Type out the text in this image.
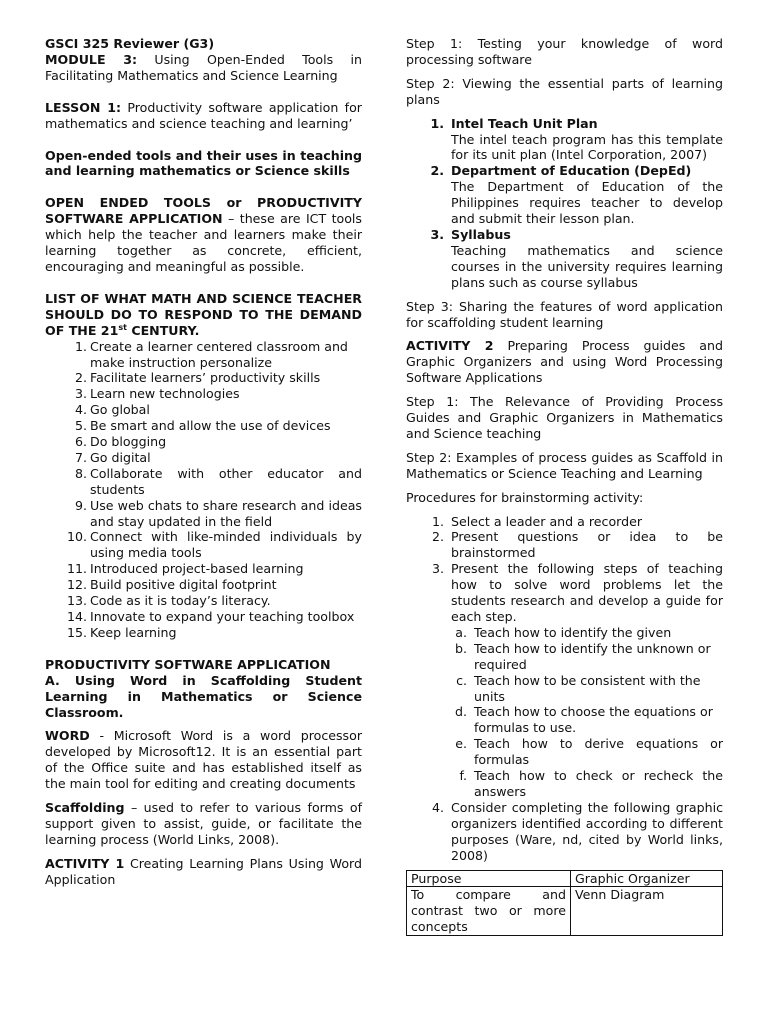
GSCI 325 Reviewer (G3)

MODULE 3: Using Open-Ended Tools in Facilitating Mathematics and Science Learning

LESSON 1: Productivity software application for mathematics and science teaching and learning’

Open-ended tools and their uses in teaching and learning mathematics or Science skills

OPEN ENDED TOOLS or PRODUCTIVITY SOFTWARE APPLICATION – these are ICT tools which help the teacher and learners make their learning together as concrete, efficient, encouraging and meaningful as possible.

LIST OF WHAT MATH AND SCIENCE TEACHER SHOULD DO TO RESPOND TO THE DEMAND OF THE 21st CENTURY.

1. Create a learner centered classroom and make instruction personalize
2. Facilitate learners’ productivity skills
3. Learn new technologies
4. Go global
5. Be smart and allow the use of devices
6. Do blogging
7. Go digital
8. Collaborate with other educator and students
9. Use web chats to share research and ideas and stay updated in the field
10. Connect with like-minded individuals by using media tools
11. Introduced project-based learning
12. Build positive digital footprint
13. Code as it is today’s literacy.
14. Innovate to expand your teaching toolbox
15. Keep learning

PRODUCTIVITY SOFTWARE APPLICATION

A. Using Word in Scaffolding Student Learning in Mathematics or Science Classroom.

WORD - Microsoft Word is a word processor developed by Microsoft12. It is an essential part of the Office suite and has established itself as the main tool for editing and creating documents

Scaffolding – used to refer to various forms of support given to assist, guide, or facilitate the learning process (World Links, 2008).

ACTIVITY 1 Creating Learning Plans Using Word Application

Step 1: Testing your knowledge of word processing software

Step 2: Viewing the essential parts of learning plans

1. Intel Teach Unit Plan
The intel teach program has this template for its unit plan (Intel Corporation, 2007)
2. Department of Education (DepEd)
The Department of Education of the Philippines requires teacher to develop and submit their lesson plan.
3. Syllabus
Teaching mathematics and science courses in the university requires learning plans such as course syllabus

Step 3: Sharing the features of word application for scaffolding student learning

ACTIVITY 2 Preparing Process guides and Graphic Organizers and using Word Processing Software Applications

Step 1: The Relevance of Providing Process Guides and Graphic Organizers in Mathematics and Science teaching

Step 2: Examples of process guides as Scaffold in Mathematics or Science Teaching and Learning

Procedures for brainstorming activity:

1. Select a leader and a recorder
2. Present questions or idea to be brainstormed
3. Present the following steps of teaching how to solve word problems let the students research and develop a guide for each step.
a. Teach how to identify the given
b. Teach how to identify the unknown or required
c. Teach how to be consistent with the units
d. Teach how to choose the equations or formulas to use.
e. Teach how to derive equations or formulas
f. Teach how to check or recheck the answers
4. Consider completing the following graphic organizers identified according to different purposes (Ware, nd, cited by World links, 2008)
Purpose	Graphic Organizer
To compare and contrast two or more concepts	Venn Diagram
